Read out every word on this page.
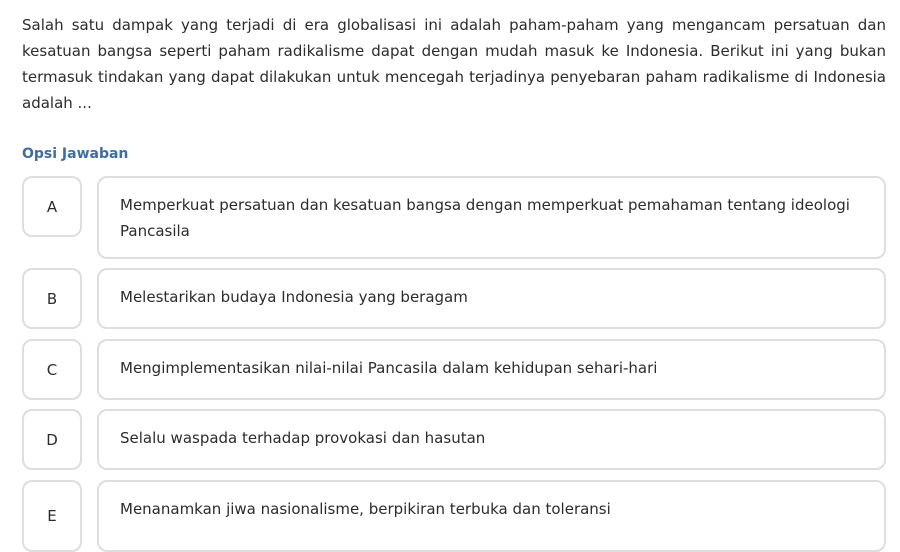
Salah satu dampak yang terjadi di era globalisasi ini adalah paham-paham yang mengancam persatuan dan kesatuan bangsa seperti paham radikalisme dapat dengan mudah masuk ke Indonesia. Berikut ini yang bukan termasuk tindakan yang dapat dilakukan untuk mencegah terjadinya penyebaran paham radikalisme di Indonesia adalah ...

Opsi Jawaban

A	Memperkuat persatuan dan kesatuan bangsa dengan memperkuat pemahaman tentang ideologi Pancasila
B	Melestarikan budaya Indonesia yang beragam
C	Mengimplementasikan nilai-nilai Pancasila dalam kehidupan sehari-hari
D	Selalu waspada terhadap provokasi dan hasutan
E	Menanamkan jiwa nasionalisme, berpikiran terbuka dan toleransi
